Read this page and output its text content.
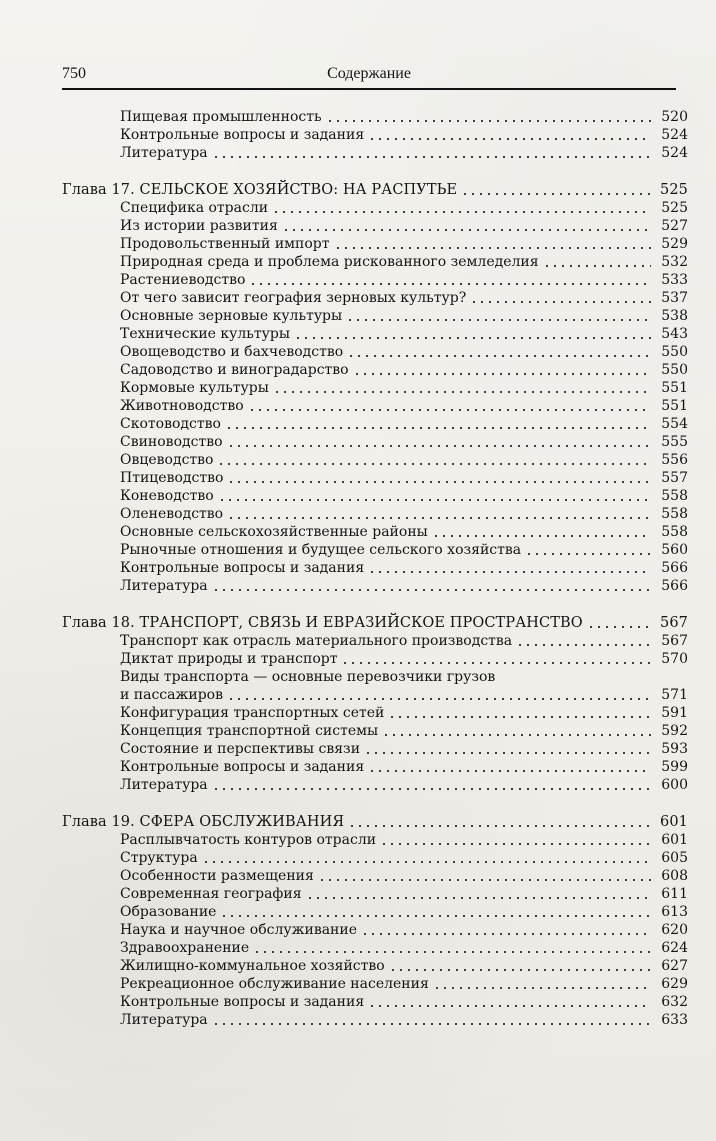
750	Содержание
Пищевая промышленность	520
Контрольные вопросы и задания	524
Литература	524
Глава 17. СЕЛЬСКОЕ ХОЗЯЙСТВО: НА РАСПУТЬЕ	525
Специфика отрасли	525
Из истории развития	527
Продовольственный импорт	529
Природная среда и проблема рискованного земледелия	532
Растениеводство	533
От чего зависит география зерновых культур?	537
Основные зерновые культуры	538
Технические культуры	543
Овощеводство и бахчеводство	550
Садоводство и виноградарство	550
Кормовые культуры	551
Животноводство	551
Скотоводство	554
Свиноводство	555
Овцеводство	556
Птицеводство	557
Коневодство	558
Оленеводство	558
Основные сельскохозяйственные районы	558
Рыночные отношения и будущее сельского хозяйства	560
Контрольные вопросы и задания	566
Литература	566
Глава 18. ТРАНСПОРТ, СВЯЗЬ И ЕВРАЗИЙСКОЕ ПРОСТРАНСТВО	567
Транспорт как отрасль материального производства	567
Диктат природы и транспорт	570
Виды транспорта — основные перевозчики грузов
и пассажиров	571
Конфигурация транспортных сетей	591
Концепция транспортной системы	592
Состояние и перспективы связи	593
Контрольные вопросы и задания	599
Литература	600
Глава 19. СФЕРА ОБСЛУЖИВАНИЯ	601
Расплывчатость контуров отрасли	601
Структура	605
Особенности размещения	608
Современная география	611
Образование	613
Наука и научное обслуживание	620
Здравоохранение	624
Жилищно-коммунальное хозяйство	627
Рекреационное обслуживание населения	629
Контрольные вопросы и задания	632
Литература	633
